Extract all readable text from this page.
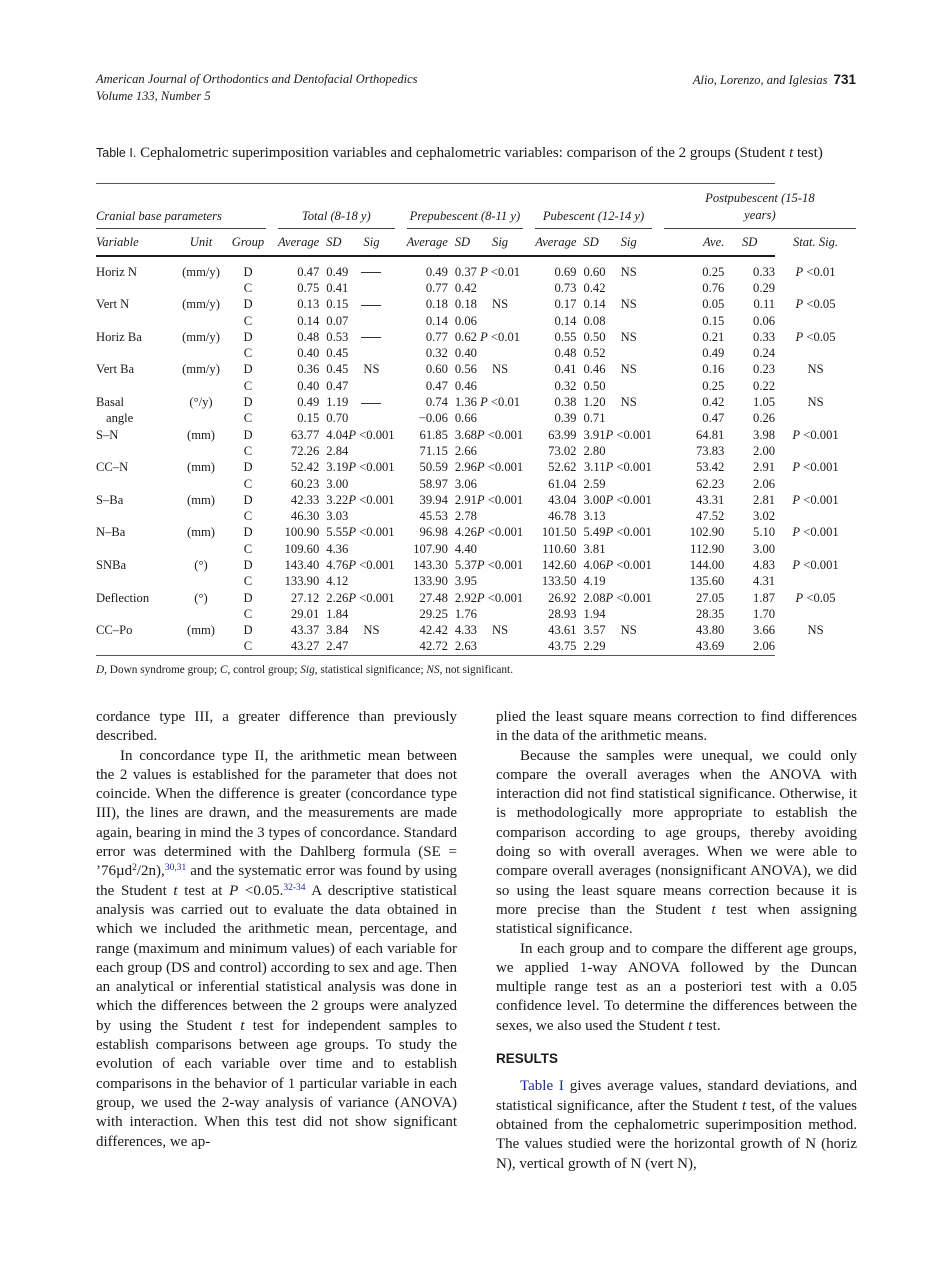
American Journal of Orthodontics and Dentofacial Orthopedics
Volume 133, Number 5
Alio, Lorenzo, and Iglesias 731
Table I. Cephalometric superimposition variables and cephalometric variables: comparison of the 2 groups (Student t test)

Cranial base parameters				Total (8-18 y)				Prepubescent (8-11 y)				Pubescent (12-14 y)				Postpubescent (15-18 years)		
Variable	Unit	Group		Average	SD	Sig		Average	SD	Sig		Average	SD	Sig		Ave.	SD	Stat. Sig.

Horiz N	(mm/y)	D		0.47	0.49			0.49	0.37	P <0.01		0.69	0.60	NS		0.25	0.33	P <0.01
		C		0.75	0.41			0.77	0.42			0.73	0.42			0.76	0.29	
Vert N	(mm/y)	D		0.13	0.15			0.18	0.18	NS		0.17	0.14	NS		0.05	0.11	P <0.05
		C		0.14	0.07			0.14	0.06			0.14	0.08			0.15	0.06	
Horiz Ba	(mm/y)	D		0.48	0.53			0.77	0.62	P <0.01		0.55	0.50	NS		0.21	0.33	P <0.05
		C		0.40	0.45			0.32	0.40			0.48	0.52			0.49	0.24	
Vert Ba	(mm/y)	D		0.36	0.45	NS		0.60	0.56	NS		0.41	0.46	NS		0.16	0.23	NS
		C		0.40	0.47			0.47	0.46			0.32	0.50			0.25	0.22	
Basal	(°/y)	D		0.49	1.19			0.74	1.36	P <0.01		0.38	1.20	NS		0.42	1.05	NS
angle		C		0.15	0.70			−0.06	0.66			0.39	0.71			0.47	0.26	
S–N	(mm)	D		63.77	4.04	P <0.001		61.85	3.68	P <0.001		63.99	3.91	P <0.001		64.81	3.98	P <0.001
		C		72.26	2.84			71.15	2.66			73.02	2.80			73.83	2.00	
CC–N	(mm)	D		52.42	3.19	P <0.001		50.59	2.96	P <0.001		52.62	3.11	P <0.001		53.42	2.91	P <0.001
		C		60.23	3.00			58.97	3.06			61.04	2.59			62.23	2.06	
S–Ba	(mm)	D		42.33	3.22	P <0.001		39.94	2.91	P <0.001		43.04	3.00	P <0.001		43.31	2.81	P <0.001
		C		46.30	3.03			45.53	2.78			46.78	3.13			47.52	3.02	
N–Ba	(mm)	D		100.90	5.55	P <0.001		96.98	4.26	P <0.001		101.50	5.49	P <0.001		102.90	5.10	P <0.001
		C		109.60	4.36			107.90	4.40			110.60	3.81			112.90	3.00	
SNBa	(°)	D		143.40	4.76	P <0.001		143.30	5.37	P <0.001		142.60	4.06	P <0.001		144.00	4.83	P <0.001
		C		133.90	4.12			133.90	3.95			133.50	4.19			135.60	4.31	
Deflection	(°)	D		27.12	2.26	P <0.001		27.48	2.92	P <0.001		26.92	2.08	P <0.001		27.05	1.87	P <0.05
		C		29.01	1.84			29.25	1.76			28.93	1.94			28.35	1.70	
CC–Po	(mm)	D		43.37	3.84	NS		42.42	4.33	NS		43.61	3.57	NS		43.80	3.66	NS
		C		43.27	2.47			42.72	2.63			43.75	2.29			43.69	2.06	

D, Down syndrome group; C, control group; Sig, statistical significance; NS, not significant.

cordance type III, a greater difference than previously described.

In concordance type II, the arithmetic mean between the 2 values is established for the parameter that does not coincide. When the difference is greater (concordance type III), the lines are drawn, and the measurements are made again, bearing in mind the 3 types of concordance. Standard error was determined with the Dahlberg formula (SE = ’76µd$^2$/2n),$^{30,31}$ and the systematic error was found by using the Student t test at P <0.05.$^{32-34}$ A descriptive statistical analysis was carried out to evaluate the data obtained in which we included the arithmetic mean, percentage, and range (maximum and minimum values) of each variable for each group (DS and control) according to sex and age. Then an analytical or inferential statistical analysis was done in which the differences between the 2 groups were analyzed by using the Student t test for independent samples to establish comparisons between age groups. To study the evolution of each variable over time and to establish comparisons in the behavior of 1 particular variable in each group, we used the 2-way analysis of variance (ANOVA) with interaction. When this test did not show significant differences, we ap-

plied the least square means correction to find differences in the data of the arithmetic means.

Because the samples were unequal, we could only compare the overall averages when the ANOVA with interaction did not find statistical significance. Otherwise, it is methodologically more appropriate to establish the comparison according to age groups, thereby avoiding doing so with overall averages. When we were able to compare overall averages (nonsignificant ANOVA), we did so using the least square means correction because it is more precise than the Student t test when assigning statistical significance.

In each group and to compare the different age groups, we applied 1-way ANOVA followed by the Duncan multiple range test as an a posteriori test with a 0.05 confidence level. To determine the differences between the sexes, we also used the Student t test.

RESULTS

Table I gives average values, standard deviations, and statistical significance, after the Student t test, of the values obtained from the cephalometric superimposition method. The values studied were the horizontal growth of N (horiz N), vertical growth of N (vert N),
